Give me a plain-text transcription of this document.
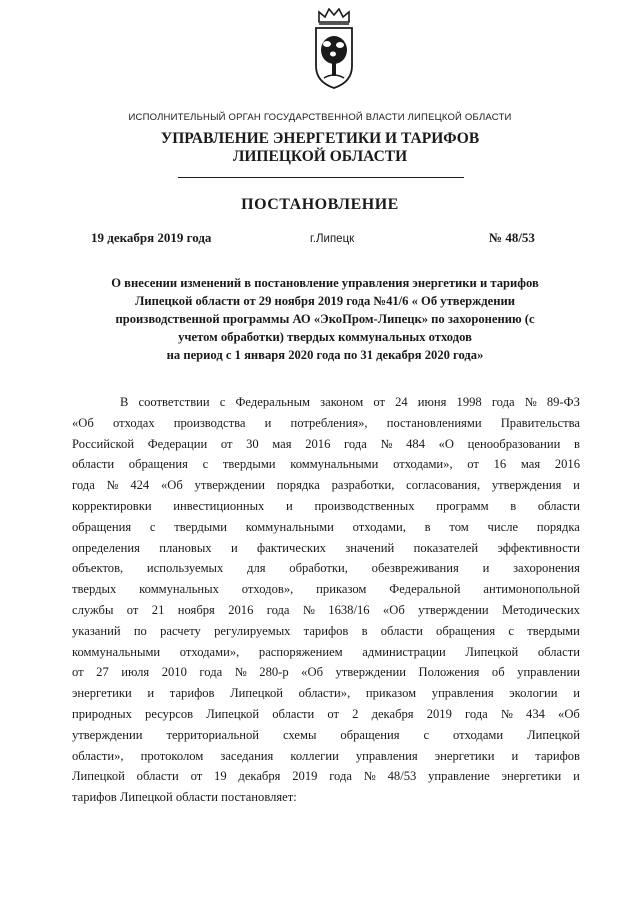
ИСПОЛНИТЕЛЬНЫЙ ОРГАН ГОСУДАРСТВЕННОЙ ВЛАСТИ ЛИПЕЦКОЙ ОБЛАСТИ
УПРАВЛЕНИЕ ЭНЕРГЕТИКИ И ТАРИФОВ
ЛИПЕЦКОЙ ОБЛАСТИ
ПОСТАНОВЛЕНИЕ
19 декабря 2019 года	г.Липецк	№ 48/53
О внесении изменений в постановление управления энергетики и тарифов
Липецкой области от 29 ноября 2019 года №41/6 « Об утверждении
производственной программы АО «ЭкоПром-Липецк» по захоронению (с
учетом обработки) твердых коммунальных отходов
на период с 1 января 2020 года по 31 декабря 2020 года»
В соответствии с Федеральным законом от 24 июня 1998 года № 89-ФЗ
«Об отходах производства и потребления», постановлениями Правительства
Российской Федерации от 30 мая 2016 года № 484 «О ценообразовании в
области обращения с твердыми коммунальными отходами», от 16 мая 2016
года № 424 «Об утверждении порядка разработки, согласования, утверждения и
корректировки инвестиционных и производственных программ в области
обращения с твердыми коммунальными отходами, в том числе порядка
определения плановых и фактических значений показателей эффективности
объектов, используемых для обработки, обезвреживания и захоронения
твердых коммунальных отходов», приказом Федеральной антимонопольной
службы от 21 ноября 2016 года № 1638/16 «Об утверждении Методических
указаний по расчету регулируемых тарифов в области обращения с твердыми
коммунальными отходами», распоряжением администрации Липецкой области
от 27 июля 2010 года № 280-р «Об утверждении Положения об управлении
энергетики и тарифов Липецкой области», приказом управления экологии и
природных ресурсов Липецкой области от 2 декабря 2019 года № 434 «Об
утверждении территориальной схемы обращения с отходами Липецкой
области», протоколом заседания коллегии управления энергетики и тарифов
Липецкой области от 19 декабря 2019 года № 48/53 управление энергетики и
тарифов Липецкой области постановляет:
